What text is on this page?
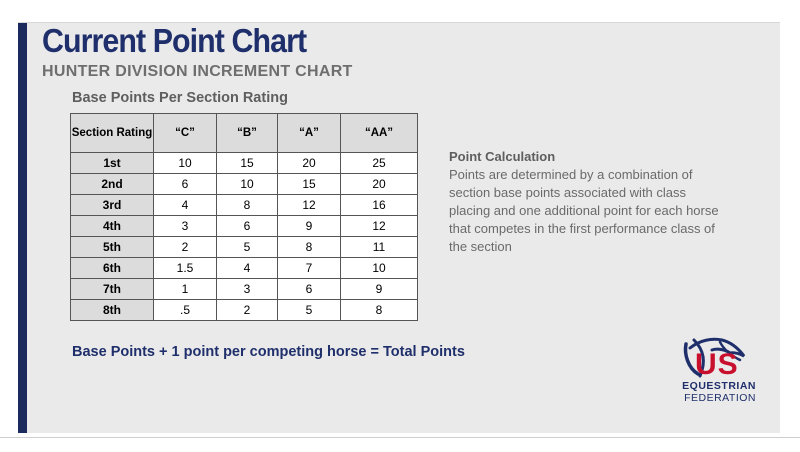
Current Point Chart
HUNTER DIVISION INCREMENT CHART
Base Points Per Section Rating
Section Rating	“C”	“B”	“A”	“AA”
1st	10	15	20	25
2nd	6	10	15	20
3rd	4	8	12	16
4th	3	6	9	12
5th	2	5	8	11
6th	1.5	4	7	10
7th	1	3	6	9
8th	.5	2	5	8
Point Calculation
Points are determined by a combination of section base points associated with class placing and one additional point for each horse that competes in the first performance class of the section
Base Points + 1 point per competing horse = Total Points	US
EQUESTRIAN
FEDERATION
